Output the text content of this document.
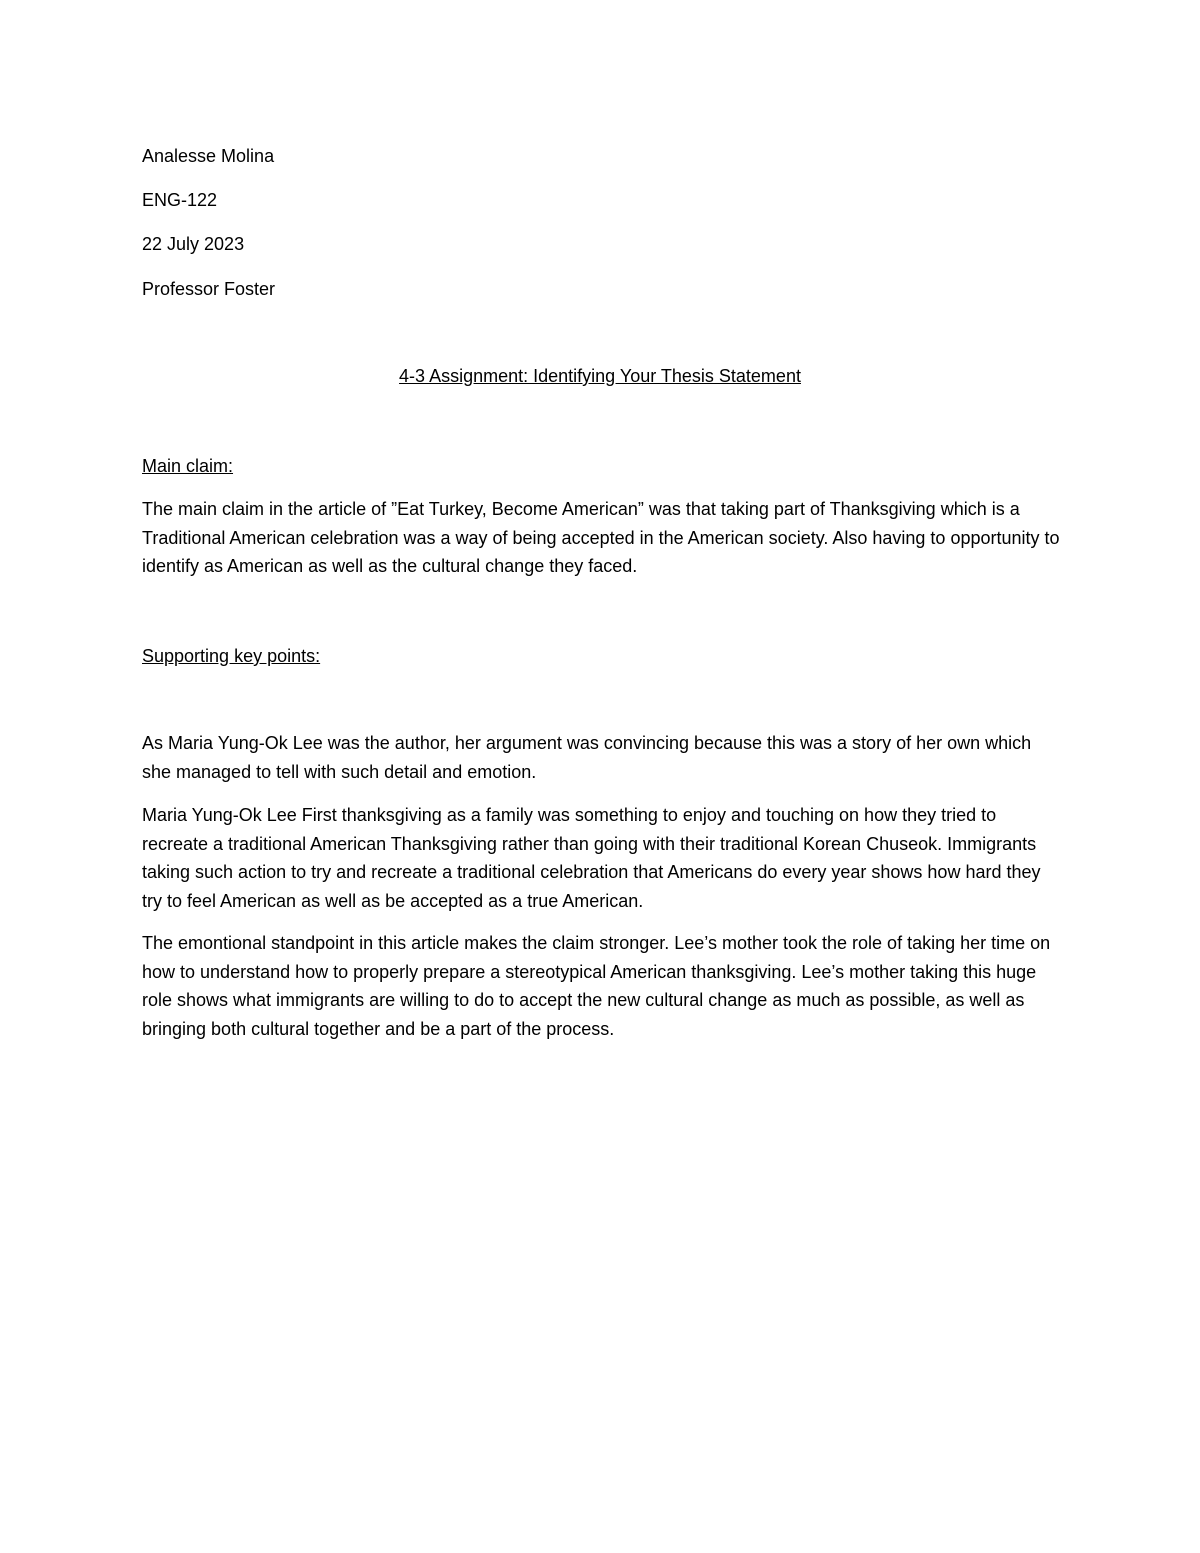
Analesse Molina

ENG-122

22 July 2023

Professor Foster

4-3 Assignment: Identifying Your Thesis Statement

Main claim:

The main claim in the article of ”Eat Turkey, Become American” was that taking part of Thanksgiving which is a Traditional American celebration was a way of being accepted in the American society. Also having to opportunity to identify as American as well as the cultural change they faced.

Supporting key points:

As Maria Yung-Ok Lee was the author, her argument was convincing because this was a story of her own which she managed to tell with such detail and emotion.

Maria Yung-Ok Lee First thanksgiving as a family was something to enjoy and touching on how they tried to recreate a traditional American Thanksgiving rather than going with their traditional Korean Chuseok. Immigrants taking such action to try and recreate a traditional celebration that Americans do every year shows how hard they try to feel American as well as be accepted as a true American.

The emontional standpoint in this article makes the claim stronger. Lee’s mother took the role of taking her time on how to understand how to properly prepare a stereotypical American thanksgiving. Lee’s mother taking this huge role shows what immigrants are willing to do to accept the new cultural change as much as possible, as well as bringing both cultural together and be a part of the process.
